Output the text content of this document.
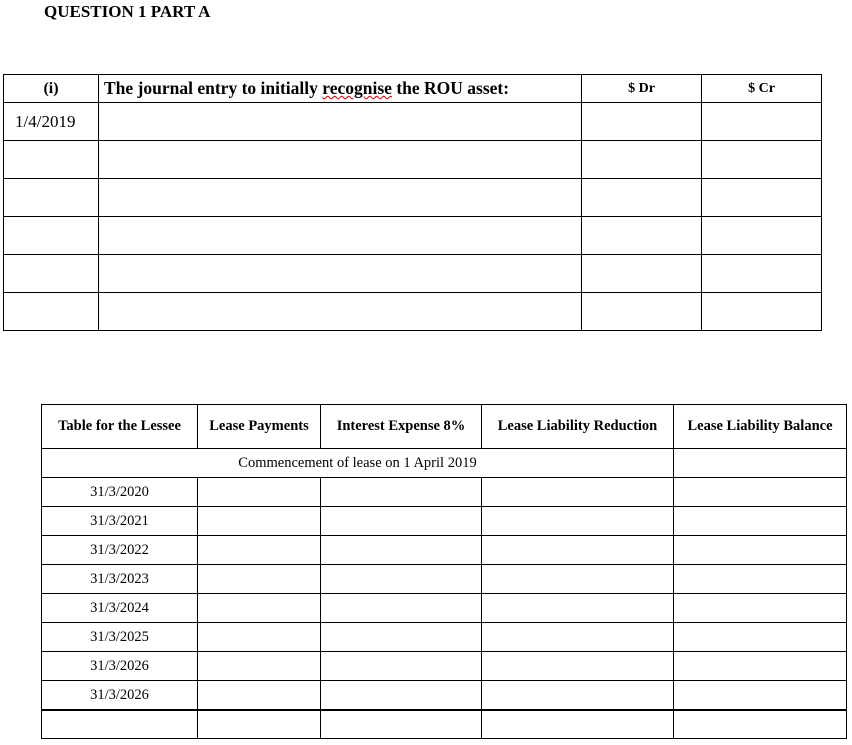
QUESTION 1 PART A
(i)	The journal entry to initially recognise the ROU asset:	$ Dr	$ Cr
1/4/2019			

Table for the Lessee	Lease Payments	Interest Expense 8%	Lease Liability Reduction	Lease Liability Balance
Commencement of lease on 1 April 2019				
31/3/2020				
31/3/2021				
31/3/2022				
31/3/2023				
31/3/2024				
31/3/2025				
31/3/2026				
31/3/2026				
